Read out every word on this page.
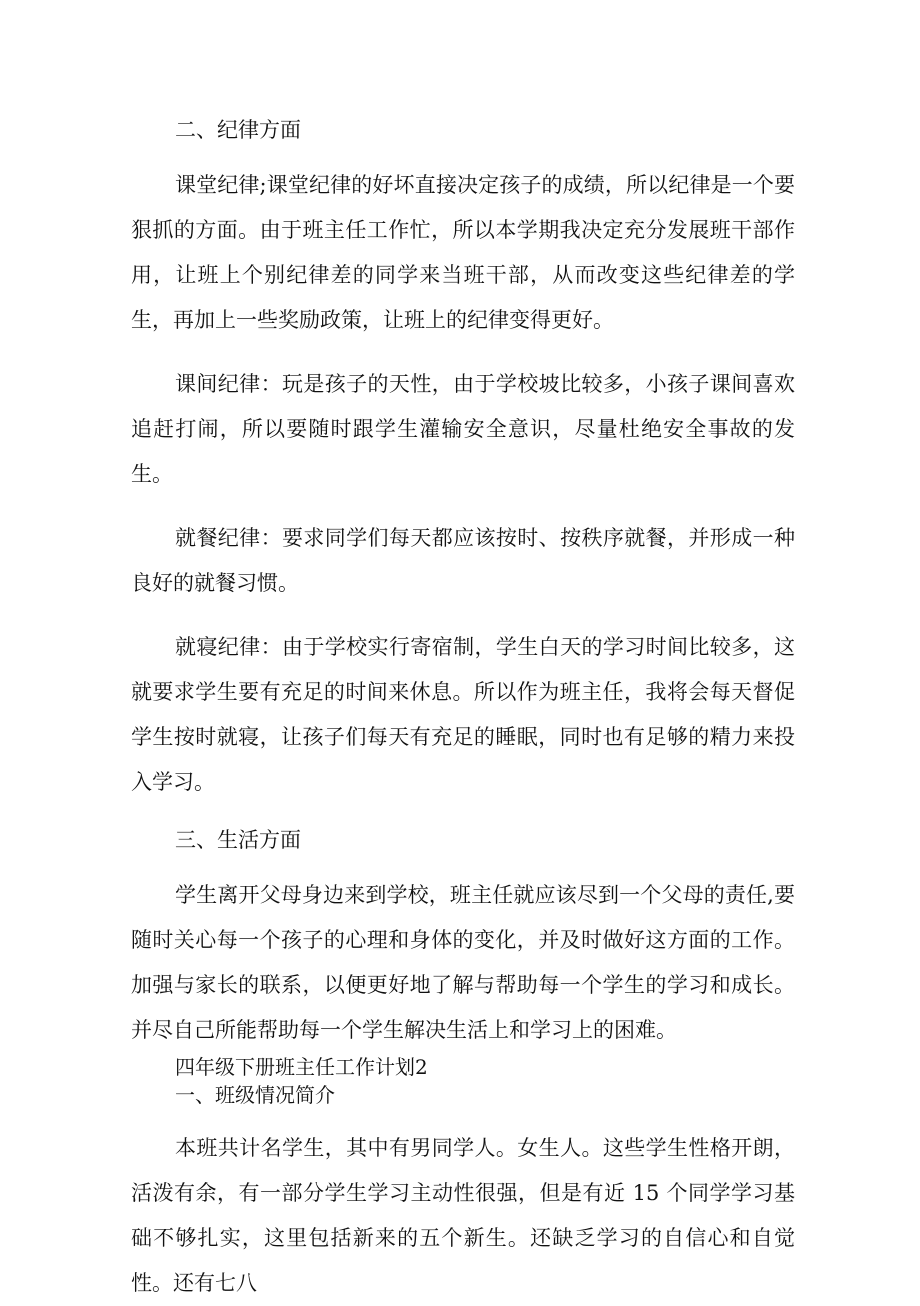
二、纪律方面

课堂纪律;课堂纪律的好坏直接决定孩子的成绩，所以纪律是一个要狠抓的方面。由于班主任工作忙，所以本学期我决定充分发展班干部作用，让班上个别纪律差的同学来当班干部，从而改变这些纪律差的学生，再加上一些奖励政策，让班上的纪律变得更好。

课间纪律：玩是孩子的天性，由于学校坡比较多，小孩子课间喜欢追赶打闹，所以要随时跟学生灌输安全意识，尽量杜绝安全事故的发生。

就餐纪律：要求同学们每天都应该按时、按秩序就餐，并形成一种良好的就餐习惯。

就寝纪律：由于学校实行寄宿制，学生白天的学习时间比较多，这就要求学生要有充足的时间来休息。所以作为班主任，我将会每天督促学生按时就寝，让孩子们每天有充足的睡眠，同时也有足够的精力来投入学习。

三、生活方面

学生离开父母身边来到学校，班主任就应该尽到一个父母的责任,要随时关心每一个孩子的心理和身体的变化，并及时做好这方面的工作。加强与家长的联系，以便更好地了解与帮助每一个学生的学习和成长。并尽自己所能帮助每一个学生解决生活上和学习上的困难。

四年级下册班主任工作计划2

一、班级情况简介

本班共计名学生，其中有男同学人。女生人。这些学生性格开朗，活泼有余，有一部分学生学习主动性很强，但是有近 15 个同学学习基础不够扎实，这里包括新来的五个新生。还缺乏学习的自信心和自觉性。还有七八
